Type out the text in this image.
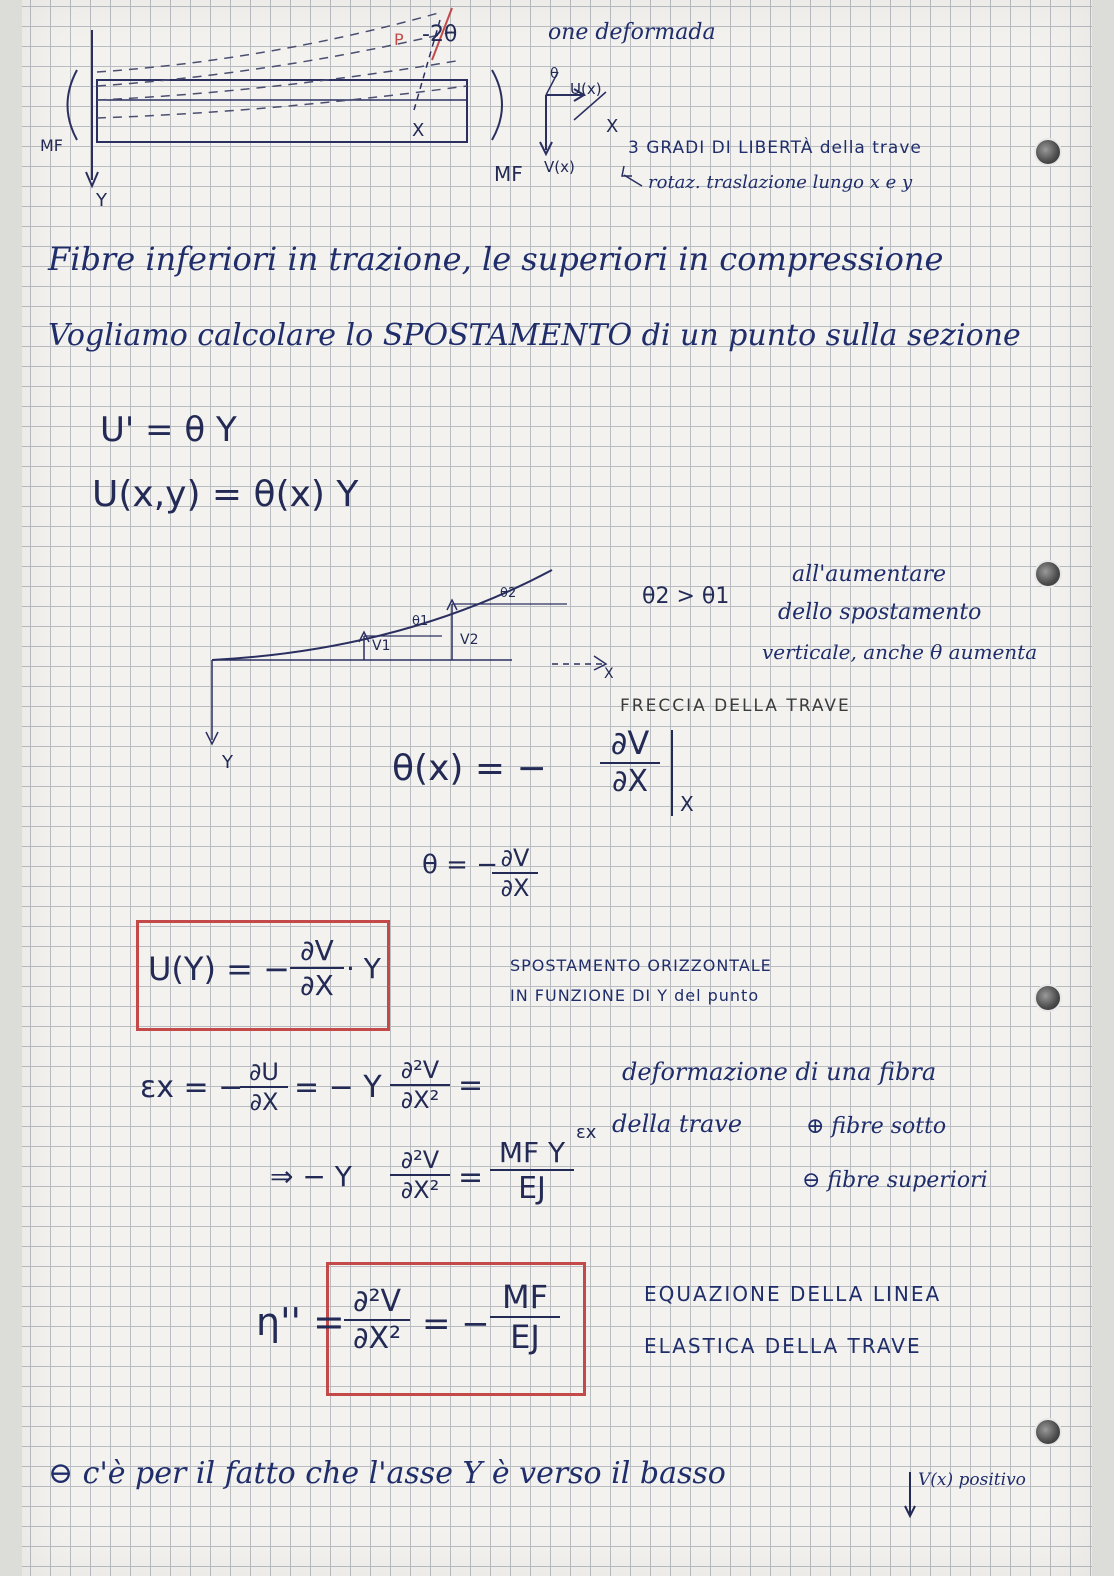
MF
Y
X
P -2θ	one deformada
θ
U(x)
X
MF V(x)
3 GRADI DI LIBERTÀ della trave
rotaz. traslazione lungo x e y
Fibre inferiori in trazione, le superiori in compressione
Vogliamo calcolare lo SPOSTAMENTO di un punto sulla sezione
U' = θ Y
U(x,y) = θ(x) Y
V1	V2
θ1
θ2
X
Y
θ2 > θ1
all'aumentare
dello spostamento
verticale, anche θ aumenta
FRECCIA DELLA TRAVE
θ(x) = − $\frac{\partial V}{\partial X}$
X
θ = −
$\frac{\partial V}{\partial X}$
U(Y) = − $\frac{\partial V}{\partial X} \cdot Y$	SPOSTAMENTO ORIZZONTALE
IN FUNZIONE DI Y del punto
εx = −
$\frac{\partial U}{\partial X}$ = − Y $\frac{\text{∂²V}}{\text{∂X²}}$ =
εx
⇒ − Y $\frac{\text{∂²V}}{\text{∂X²}} = \frac{\text{MF Y}}{EJ}$
deformazione di una fibra
della trave	⊕ fibre sotto
⊖ fibre superiori
$\eta'' = \frac{\text{∂²V}}{\text{∂X²}}$ = − $\frac{MF}{EJ}$	EQUAZIONE DELLA LINEA
ELASTICA DELLA TRAVE
⊖ c'è per il fatto che l'asse Y è verso il basso	V(x) positivo
